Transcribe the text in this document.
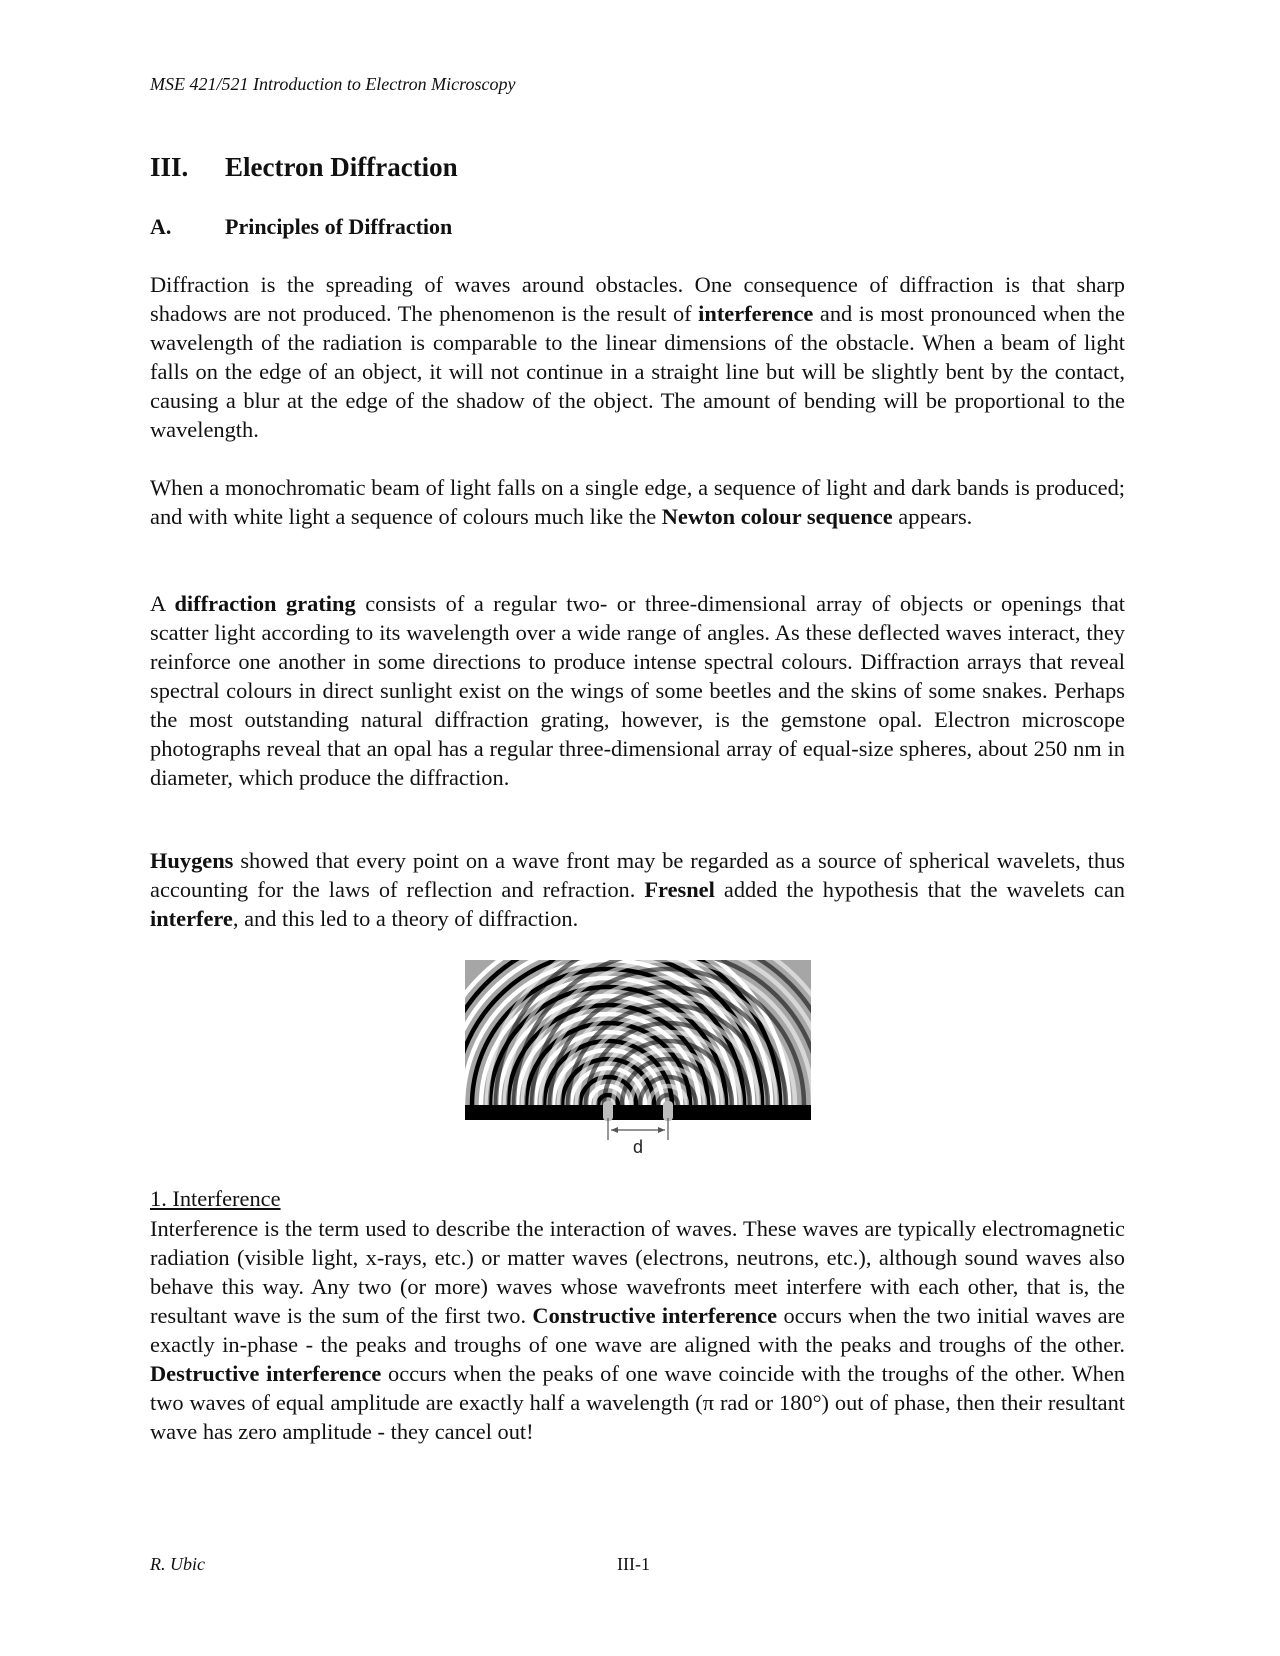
MSE 421/521 Introduction to Electron Microscopy
III. Electron Diffraction
A. Principles of Diffraction

Diffraction is the spreading of waves around obstacles. One consequence of diffraction is that sharp shadows are not produced. The phenomenon is the result of interference and is most pronounced when the wavelength of the radiation is comparable to the linear dimensions of the obstacle. When a beam of light falls on the edge of an object, it will not continue in a straight line but will be slightly bent by the contact, causing a blur at the edge of the shadow of the object. The amount of bending will be proportional to the wavelength.

When a monochromatic beam of light falls on a single edge, a sequence of light and dark bands is produced; and with white light a sequence of colours much like the Newton colour sequence appears.

A diffraction grating consists of a regular two- or three-dimensional array of objects or openings that scatter light according to its wavelength over a wide range of angles. As these deflected waves interact, they reinforce one another in some directions to produce intense spectral colours. Diffraction arrays that reveal spectral colours in direct sunlight exist on the wings of some beetles and the skins of some snakes. Perhaps the most outstanding natural diffraction grating, however, is the gemstone opal. Electron microscope photographs reveal that an opal has a regular three-dimensional array of equal-size spheres, about 250 nm in diameter, which produce the diffraction.

Huygens showed that every point on a wave front may be regarded as a source of spherical wavelets, thus accounting for the laws of reflection and refraction. Fresnel added the hypothesis that the wavelets can interfere, and this led to a theory of diffraction.

d
1. Interference

Interference is the term used to describe the interaction of waves. These waves are typically electromagnetic radiation (visible light, x-rays, etc.) or matter waves (electrons, neutrons, etc.), although sound waves also behave this way. Any two (or more) waves whose wavefronts meet interfere with each other, that is, the resultant wave is the sum of the first two. Constructive interference occurs when the two initial waves are exactly in-phase - the peaks and troughs of one wave are aligned with the peaks and troughs of the other. Destructive interference occurs when the peaks of one wave coincide with the troughs of the other. When two waves of equal amplitude are exactly half a wavelength (π rad or 180°) out of phase, then their resultant wave has zero amplitude - they cancel out!

R. Ubic	III-1
